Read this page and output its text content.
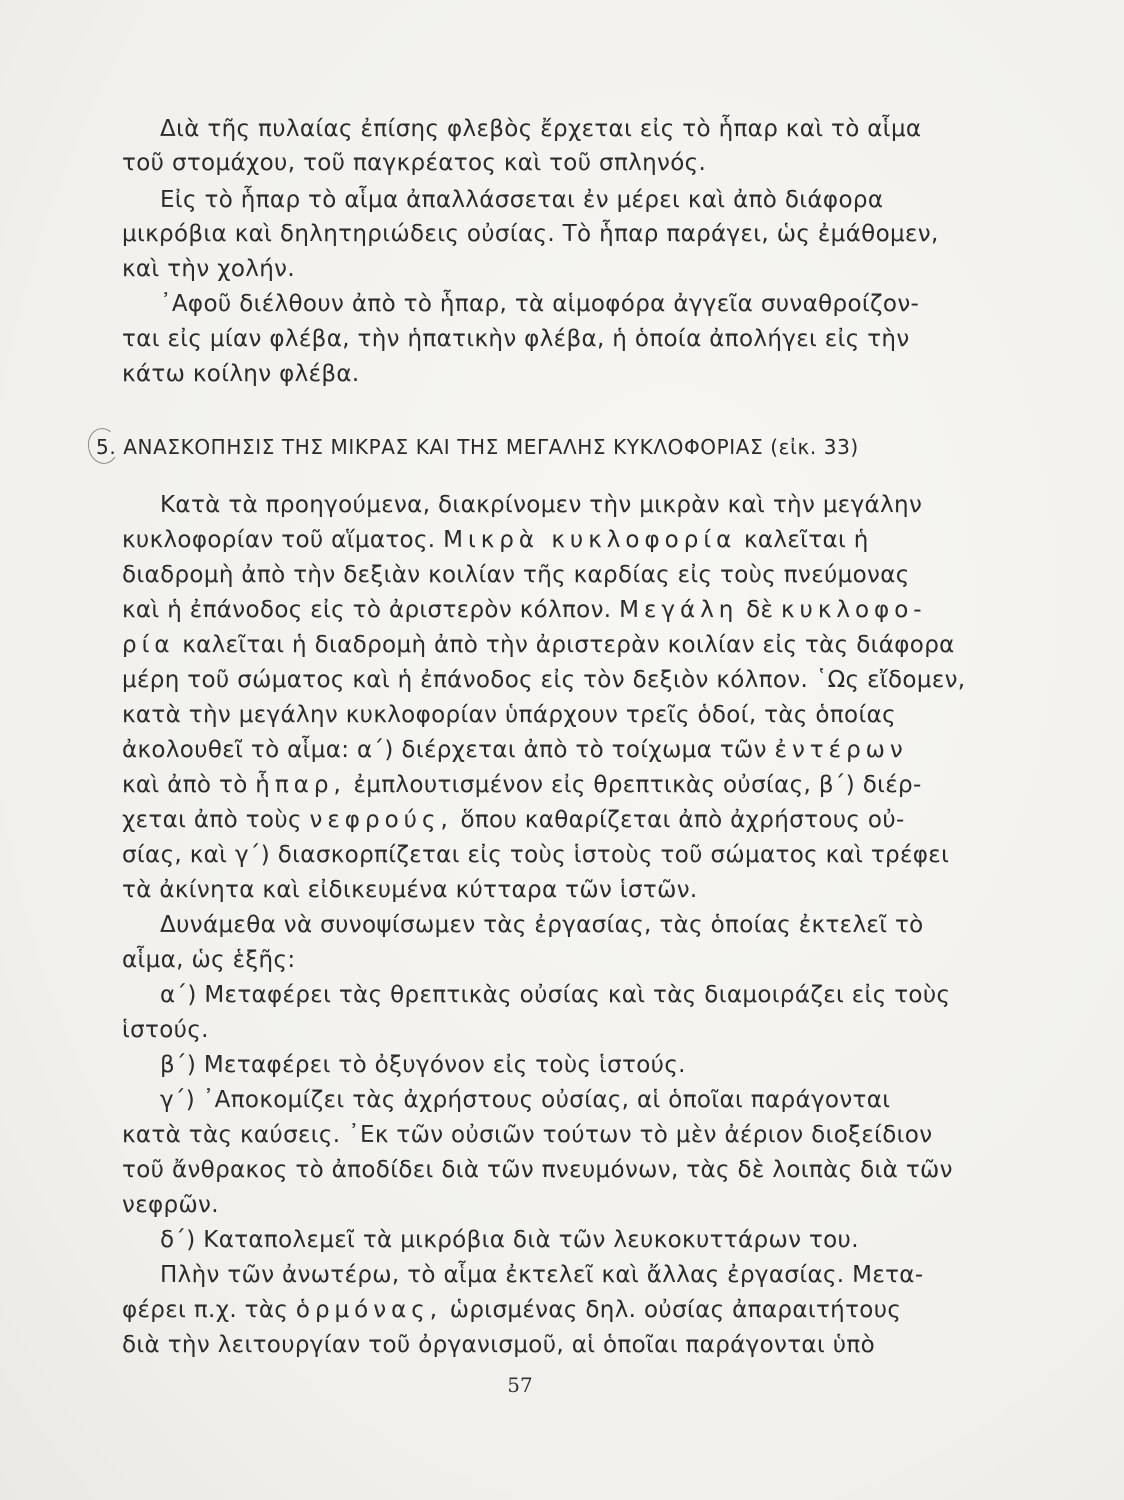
Διὰ τῆς πυλαίας ἐπίσης φλεβὸς ἔρχεται εἰς τὸ ἧπαρ καὶ τὸ αἷμα
τοῦ στομάχου, τοῦ παγκρέατος καὶ τοῦ σπληνός.
Εἰς τὸ ἧπαρ τὸ αἷμα ἀπαλλάσσεται ἐν μέρει καὶ ἀπὸ διάφορα
μικρόβια καὶ δηλητηριώδεις οὐσίας. Τὸ ἧπαρ παράγει, ὡς ἐμάθομεν,
καὶ τὴν χολήν.
᾿Αφοῦ διέλθουν ἀπὸ τὸ ἧπαρ, τὰ αἱμοφόρα ἀγγεῖα συναθροίζον-
ται εἰς μίαν φλέβα, τὴν ἡπατικὴν φλέβα, ἡ ὁποία ἀπολήγει εἰς τὴν
κάτω κοίλην φλέβα.
5. ΑΝΑΣΚΟΠΗΣΙΣ ΤΗΣ ΜΙΚΡΑΣ ΚΑΙ ΤΗΣ ΜΕΓΑΛΗΣ ΚΥΚΛΟΦΟΡΙΑΣ (εἰκ. 33)
Κατὰ τὰ προηγούμενα, διακρίνομεν τὴν μικρὰν καὶ τὴν μεγάλην
κυκλοφορίαν τοῦ αἵματος. Μικρὰ κυκλοφορία καλεῖται ἡ
διαδρομὴ ἀπὸ τὴν δεξιὰν κοιλίαν τῆς καρδίας εἰς τοὺς πνεύμονας
καὶ ἡ ἐπάνοδος εἰς τὸ ἀριστερὸν κόλπον. Μεγάλη δὲ κυκλοφο-
ρία καλεῖται ἡ διαδρομὴ ἀπὸ τὴν ἀριστερὰν κοιλίαν εἰς τὰς διάφορα
μέρη τοῦ σώματος καὶ ἡ ἐπάνοδος εἰς τὸν δεξιὸν κόλπον. ῾Ως εἴδομεν,
κατὰ τὴν μεγάλην κυκλοφορίαν ὑπάρχουν τρεῖς ὁδοί, τὰς ὁποίας
ἀκολουθεῖ τὸ αἷμα: α΄) διέρχεται ἀπὸ τὸ τοίχωμα τῶν ἐντέρων
καὶ ἀπὸ τὸ ἧπαρ, ἐμπλουτισμένον εἰς θρεπτικὰς οὐσίας, β΄) διέρ-
χεται ἀπὸ τοὺς νεφρούς, ὅπου καθαρίζεται ἀπὸ ἀχρήστους οὐ-
σίας, καὶ γ΄) διασκορπίζεται εἰς τοὺς ἱστοὺς τοῦ σώματος καὶ τρέφει
τὰ ἀκίνητα καὶ εἰδικευμένα κύτταρα τῶν ἱστῶν.
Δυνάμεθα νὰ συνοψίσωμεν τὰς ἐργασίας, τὰς ὁποίας ἐκτελεῖ τὸ
αἷμα, ὡς ἑξῆς:
α΄) Μεταφέρει τὰς θρεπτικὰς οὐσίας καὶ τὰς διαμοιράζει εἰς τοὺς
ἱστούς.
β΄) Μεταφέρει τὸ ὀξυγόνον εἰς τοὺς ἱστούς.
γ΄) ᾿Αποκομίζει τὰς ἀχρήστους οὐσίας, αἱ ὁποῖαι παράγονται
κατὰ τὰς καύσεις. ᾿Εκ τῶν οὐσιῶν τούτων τὸ μὲν ἀέριον διοξείδιον
τοῦ ἄνθρακος τὸ ἀποδίδει διὰ τῶν πνευμόνων, τὰς δὲ λοιπὰς διὰ τῶν
νεφρῶν.
δ΄) Καταπολεμεῖ τὰ μικρόβια διὰ τῶν λευκοκυττάρων του.
Πλὴν τῶν ἀνωτέρω, τὸ αἷμα ἐκτελεῖ καὶ ἄλλας ἐργασίας. Μετα-
φέρει π.χ. τὰς ὁρμόνας, ὡρισμένας δηλ. οὐσίας ἀπαραιτήτους
διὰ τὴν λειτουργίαν τοῦ ὀργανισμοῦ, αἱ ὁποῖαι παράγονται ὑπὸ
57
